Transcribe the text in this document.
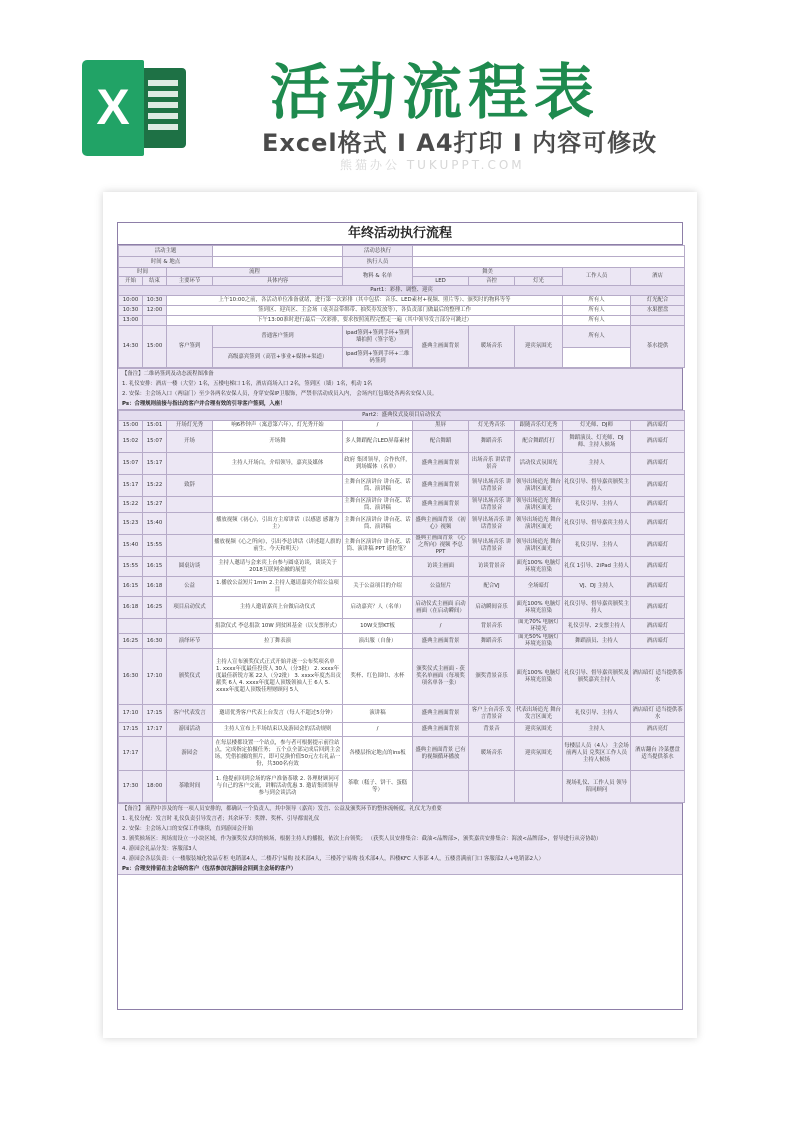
X 活动流程表
Excel格式 I A4打印 I 内容可修改
熊猫办公 TUKUPPT.COM
年终活动执行流程
活动主题				活动总执行					
时间 & 地点				执行人员					
时间		流程		物料 & 名单	舞美			工作人员	酒店
开始	结束	主要环节	具体内容		LED	音控	灯光		
Part1：彩排、调整、迎宾									
10:00	10:30	上午10:00之前，各活动单位准备就绪，进行第一次彩排（其中包括：音乐、LED素材+视频、照片等）、颁奖时的物料等等						所有人	灯光配合
10:30	12:00	签到区、迎宾区、主会场（桌卖益带绑带、抽奖券发放等），各负责部门做最后的整理工作						所有人	水果摆盘
13:00		下午13:00准时进行最后一次彩排，要求按照流程完整走一遍（其中领导发言部分可跳过）						所有人	
14:30	15:00	客户签到	普通客户签到	ipad签到+签到手环+签到墙拍照（签字笔）	盛典主画面背景	暖场音乐	迎宾氛围光	所有人	茶水提供
			高级嘉宾签到（高管+事业+媒体+渠道）	ipad签到+签到手环+二维码签到					
【备注】二维码签到及动态流程图准备
1. 礼仪安排：酒店一楼（大堂）1名，五楼电梯口 1名，酒店商场入口 2名，签到区（墙）1名，机动 1名
2. 安保：主会场入口（两扇门）至少各两名安保人员，身穿安保IP卫服饰，严禁非活动成员入内， 会场内红包墙处各两名安保人员。
Ps：合理规则前接与指出的客户并合理有效的引导客户签到，入座！
Part2：盛典仪式及项目启动仪式									
15:00	15:01	开场灯光秀	响6秒钟声（寓意第六年），灯光秀开始	/	黑屏	灯光秀音乐	跟随音乐灯光秀	灯光师、DJ师	酒店暗灯
15:02	15:07	开场	开场舞	多人舞蹈配合LED屏幕素材	配合舞蹈	舞蹈音乐	配合舞蹈灯打	舞蹈演员、灯光师、DJ师、主持人候场	酒店暗灯
15:07	15:17		主持人开场白，介绍领导，嘉宾及媒体	政府 集团领导，合作伙伴，到场媒体（名单）	盛典主画面背景	出场音乐 讲话背景音	活动仪式氛围光	主持人	酒店暗灯
15:17	15:22	致辞		主舞台区演讲台 讲台花、话筒、演讲稿	盛典主画面背景	领导出场音乐 讲话背景音	领导出场追光 舞台演讲区面光	礼仪引导、督导嘉宾颁奖主持人	酒店暗灯
15:22	15:27			主舞台区演讲台 讲台花、话筒、演讲稿	盛典主画面背景	领导出场音乐 讲话背景音	领导出场追光 舞台演讲区面光	礼仪引导、主持人	酒店暗灯
15:23	15:40		播放视频《初心》，引出方主席讲话（以感恩 感谢为主）	主舞台区演讲台 讲台花、话筒、演讲稿	盛典主画面背景 《初心》视频	领导出场音乐 讲话背景音	领导出场追光 舞台演讲区面光	礼仪引导、督导嘉宾主持人	酒店暗灯
15:40	15:55		播放视频《心之所向》，引出李总讲话（讲述超人旗的前生、今天和明天）	主舞台区演讲台 讲台花、话筒、演讲稿 PPT 遥控笔？	盛典主画面背景 《心之所向》视频 李总PPT	领导出场音乐 讲话背景音	领导出场追光 舞台演讲区面光	礼仪引导、主持人	酒店暗灯
15:55	16:15	圆桌访谈	主持人邀请与会来宾上台参与圆桌访谈，谈谈关于2018互联网金融的展望		访谈主画面	访谈背景音	面光100% 电脑灯环境光渲染	礼仪 1引导、2iPad 主持人	酒店暗灯
16:15	16:18	公益	1.播放公益短片1min 2.主持人邀请嘉宾介绍公益项目	关于公益项目的介绍	公益短片	配合VJ	全场暗灯	VJ、DJ 主持人	酒店暗灯
16:18	16:25	项目启动仪式	主持人邀请嘉宾上台做启动仪式	启动嘉宾？人（名单）	启动仪式主画面 启动画面（在启动瞬间）	启动瞬间音乐	面光100% 电脑灯环境光渲染	礼仪引导、督导嘉宾颁奖主持人	酒店暗灯
			捐款仪式 李总捐款 10W 到贫困基金（以支票形式）	10W支票KT板	/	背景音乐	面光70% 电脑灯环境光	礼仪引导、2支票主持人	酒店暗灯
16:25	16:30	演绎环节	拉丁舞表演	演出服（自备）	盛典主画面背景	舞蹈音乐	面光50% 电脑灯环境光渲染	舞蹈演员、主持人	酒店暗灯
16:30	17:10	颁奖仪式	主持人宣布颁奖仪式正式开始并逐一公布奖项名单 1. xxxx年度最佳投资人 30人（分3批） 2. xxxx年度最佳新锐方案 22人（分2批） 3. xxxx年度杰出贡献奖 6人 4. xxxx年度超人顶级领袖人王 6人 5. xxxx年度超人顶级佳理财顾问 5人	奖杯、红色围巾、水杯	颁奖仪式主画面 - 获奖名单画面（每项奖项名单各一张）	颁奖背景音乐	面光100% 电脑灯环境光渲染	礼仪引导、督导嘉宾颁奖及颁奖嘉宾主持人	酒店暗灯 适当提供茶水
17:10	17:15	客户代表发言	邀请优秀客户代表上台发言（每人不超过5分钟）	演讲稿	盛典主画面背景	客户上台音乐 发言背景音	代表出场追光 舞台发言区面光	礼仪引导、主持人	酒店暗灯 适当提供茶水
17:15	17:17	游园活动	主持人宣布上半场结束以及游园会的活动规则	/	盛典主画面背景	背景音	迎宾氛围光	主持人	酒店亮灯
17:17		游园会	在每层楼都设置一个站点，参与者可根据提示前往站点，完成指定拍摄任务； 五个点全部完成后回到主会场，凭借拍摄的照片，即可兑换价值50元左右礼品一份，共300名有效	各楼层指定地点的ins板	盛典主画面背景 已有的视频循环播放	暖场音乐	迎宾氛围光	每楼层人员（4人） 主会场前两人员 兑奖区工作人员 主持人候场	酒店翻台 冷菜摆盘 适当提供茶水
17:30	18:00	茶歇时间	1. 他提前回到会场的客户准备茶歇 2. 各理财顾问可与自己的客户交流，讲解活动优惠 3. 邀请集团领导参与到会谈活动	茶歇（糕子、饼干、蛋糕等）				现场礼仪、工作人员 领导陪同顾问	
【备注】 流程中涉及的每一项人员安排的，都确认一个负责人，其中领导（嘉宾）发言、公益及颁奖环节的整体流畅度，礼仪尤为重要
1. 礼仪分配：发言时 礼仪负责引导发言者；其余环节：奖牌、奖杯、引导都需礼仪
2. 安保：主会场入口的安保工作继续，直到游园会开始
3. 颁奖候场区：现场需设立一小块区域，作为颁奖仪式时的候场，根据主持人的播报，依次上台领奖； （获奖人员安排集合：截油<品牌部>，颁奖嘉宾安排集合：海波<品牌部>，督导进行从旁协助）
4. 游园会礼品分发：客服部3人
4. 游园会各层负责：（一楼服装城化妆品专柜 电销部4人，二楼苏宁易购 技术部4人，三楼苏宁易购 技术部4人，四楼KFC 人事部 4人，五楼喜满前门口 客服部2人+电销部2人）
Ps：合理安排留在主会场的客户（包括参加完游园会回到主会场的客户）
